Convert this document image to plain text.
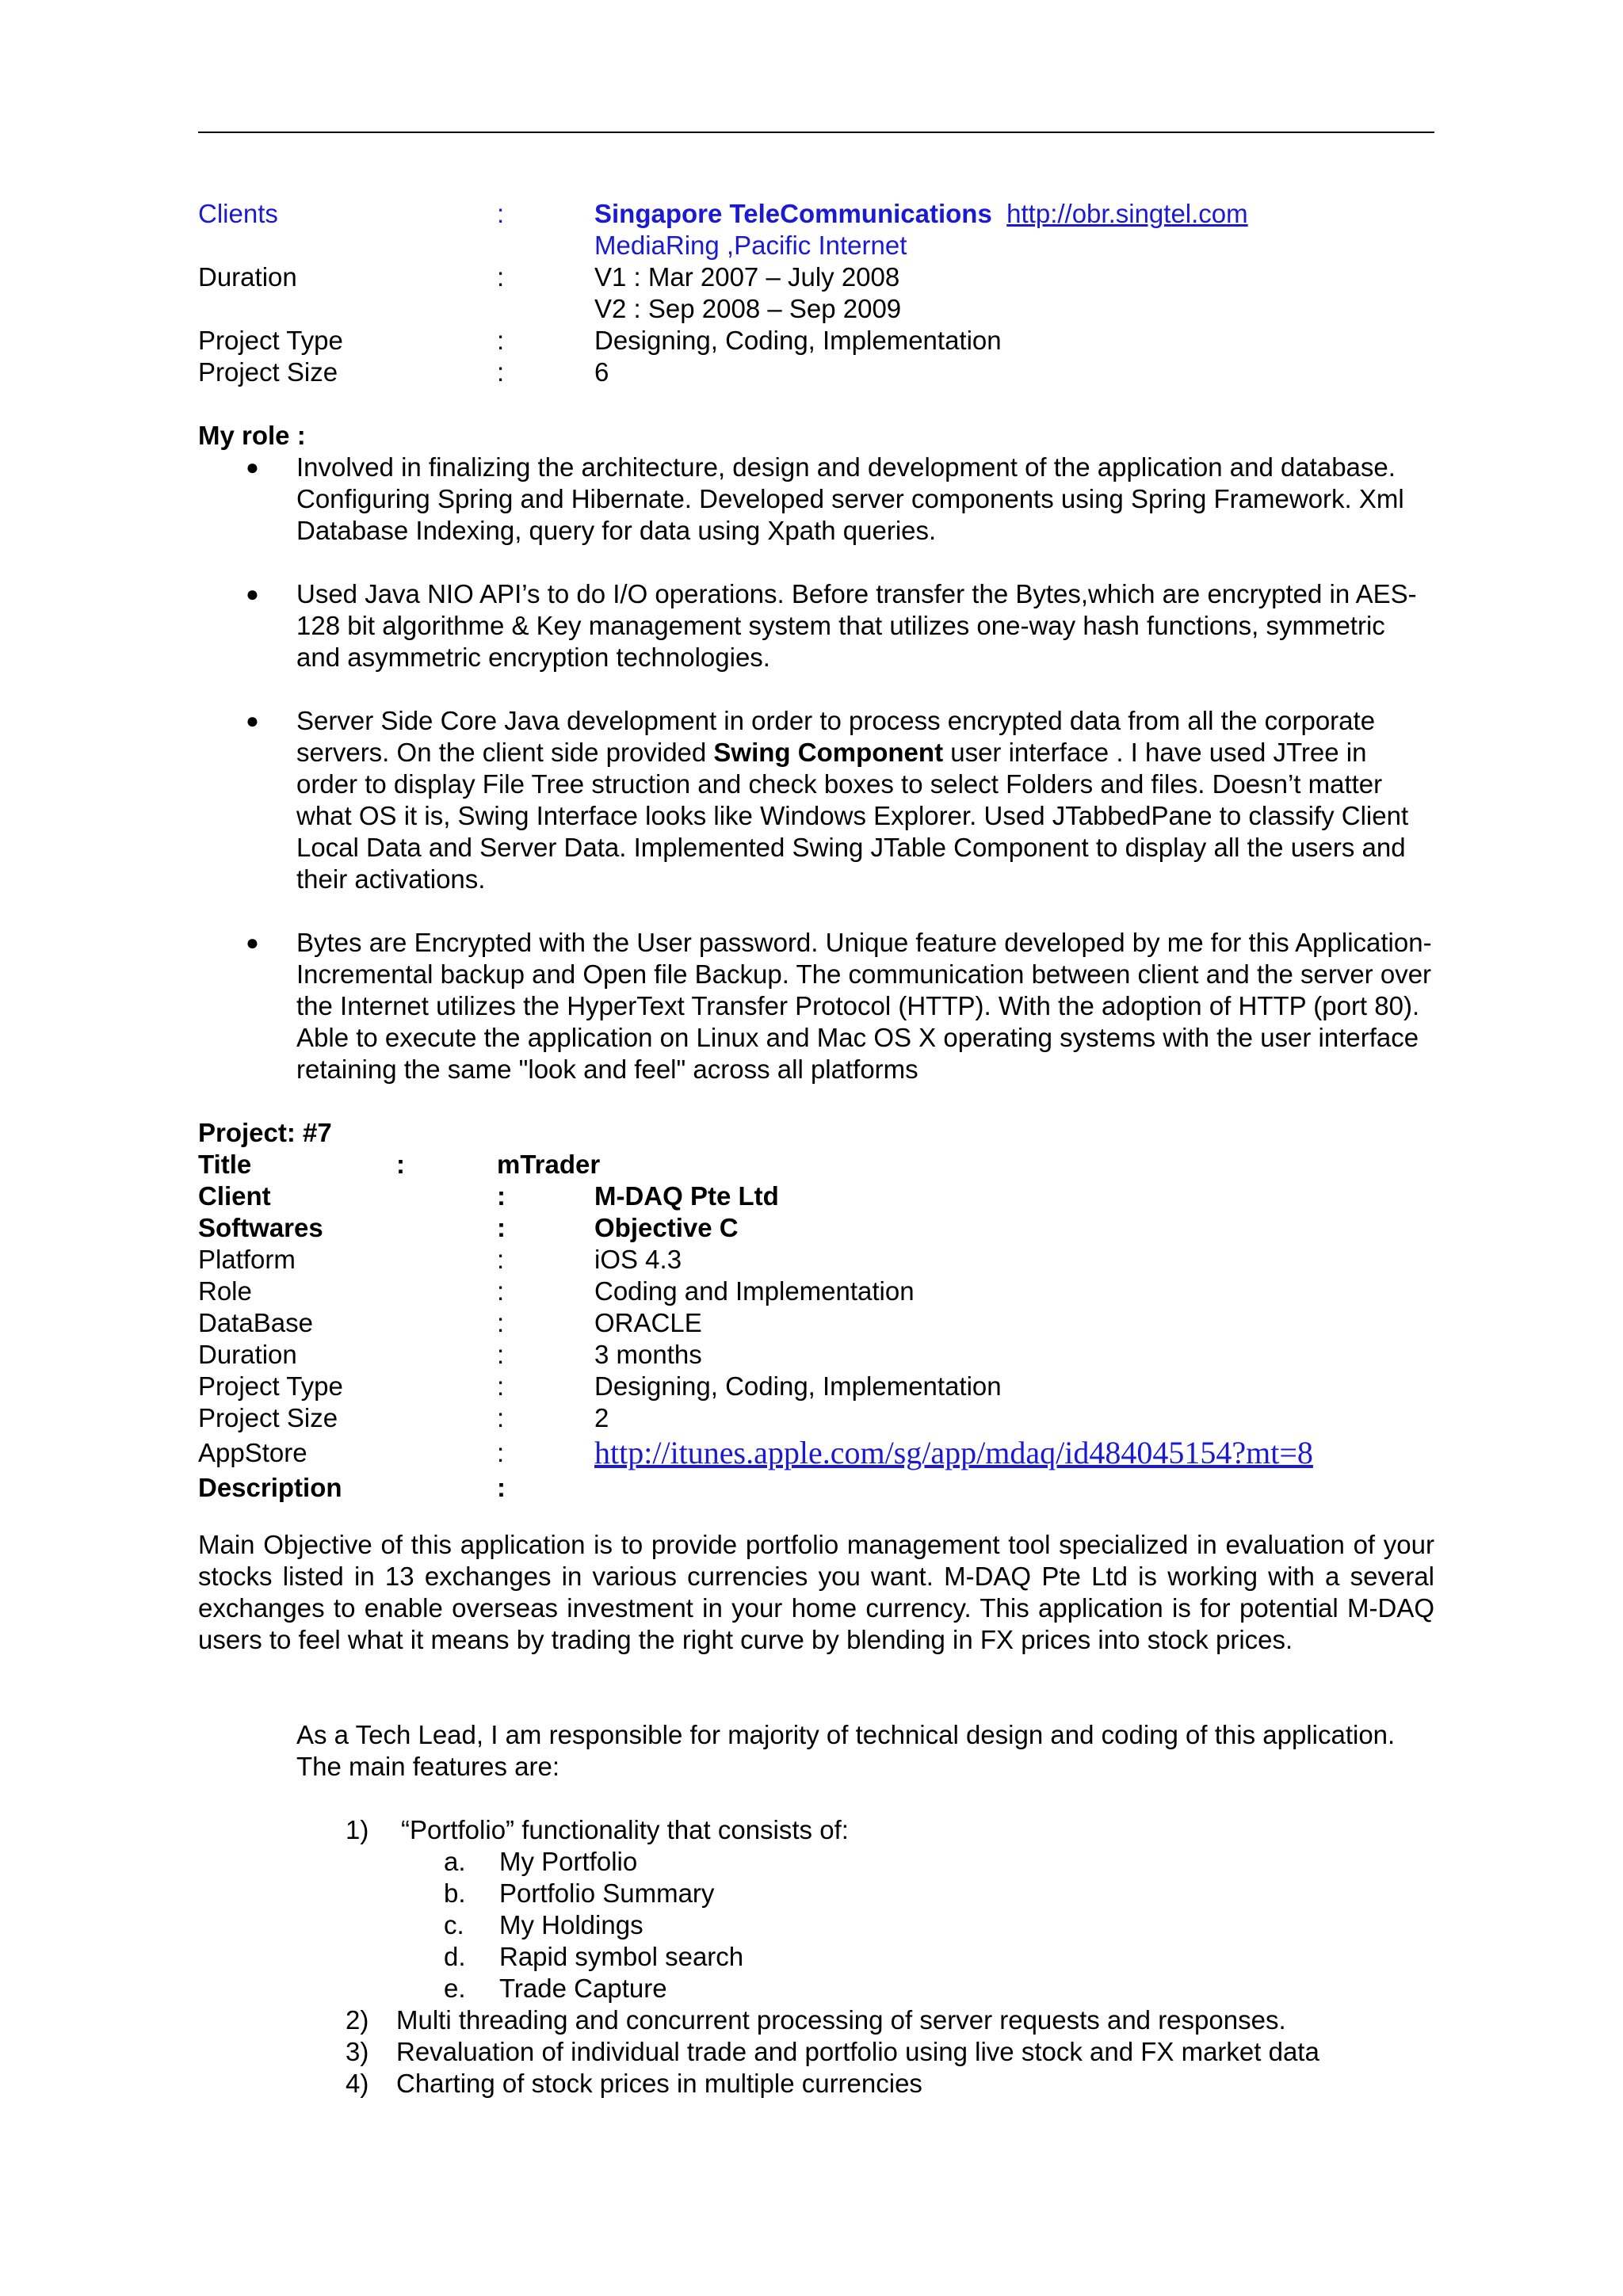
Clients	:	Singapore TeleCommunications http://obr.singtel.com
MediaRing ,Pacific Internet
Duration	:	V1 : Mar 2007 – July 2008
V2 : Sep 2008 – Sep 2009
Project Type	:	Designing, Coding, Implementation
Project Size	:	6
My role :
● Involved in finalizing the architecture, design and development of the application and database. Configuring Spring and Hibernate. Developed server components using Spring Framework. Xml Database Indexing, query for data using Xpath queries.
● Used Java NIO API’s to do I/O operations. Before transfer the Bytes,which are encrypted in AES-128 bit algorithme & Key management system that utilizes one-way hash functions, symmetric and asymmetric encryption technologies.
● Server Side Core Java development in order to process encrypted data from all the corporate servers. On the client side provided Swing Component user interface . I have used JTree in order to display File Tree struction and check boxes to select Folders and files. Doesn’t matter what OS it is, Swing Interface looks like Windows Explorer. Used JTabbedPane to classify Client Local Data and Server Data. Implemented Swing JTable Component to display all the users and their activations.
● Bytes are Encrypted with the User password. Unique feature developed by me for this Application-Incremental backup and Open file Backup. The communication between client and the server over the Internet utilizes the HyperText Transfer Protocol (HTTP). With the adoption of HTTP (port 80). Able to execute the application on Linux and Mac OS X operating systems with the user interface retaining the same "look and feel" across all platforms
Project: #7
Title	:	mTrader
Client	:	M-DAQ Pte Ltd
Softwares	:	Objective C
Platform	:	iOS 4.3
Role	:	Coding and Implementation
DataBase	:	ORACLE
Duration	:	3 months
Project Type	:	Designing, Coding, Implementation
Project Size	:	2
AppStore	:	http://itunes.apple.com/sg/app/mdaq/id484045154?mt=8
Description	:
Main Objective of this application is to provide portfolio management tool specialized in evaluation of your stocks listed in 13 exchanges in various currencies you want. M-DAQ Pte Ltd is working with a several exchanges to enable overseas investment in your home currency. This application is for potential M-DAQ users to feel what it means by trading the right curve by blending in FX prices into stock prices.
As a Tech Lead, I am responsible for majority of technical design and coding of this application. The main features are:
1) “Portfolio” functionality that consists of:
a. My Portfolio
b. Portfolio Summary
c. My Holdings
d. Rapid symbol search
e. Trade Capture
2) Multi threading and concurrent processing of server requests and responses.
3) Revaluation of individual trade and portfolio using live stock and FX market data
4) Charting of stock prices in multiple currencies
